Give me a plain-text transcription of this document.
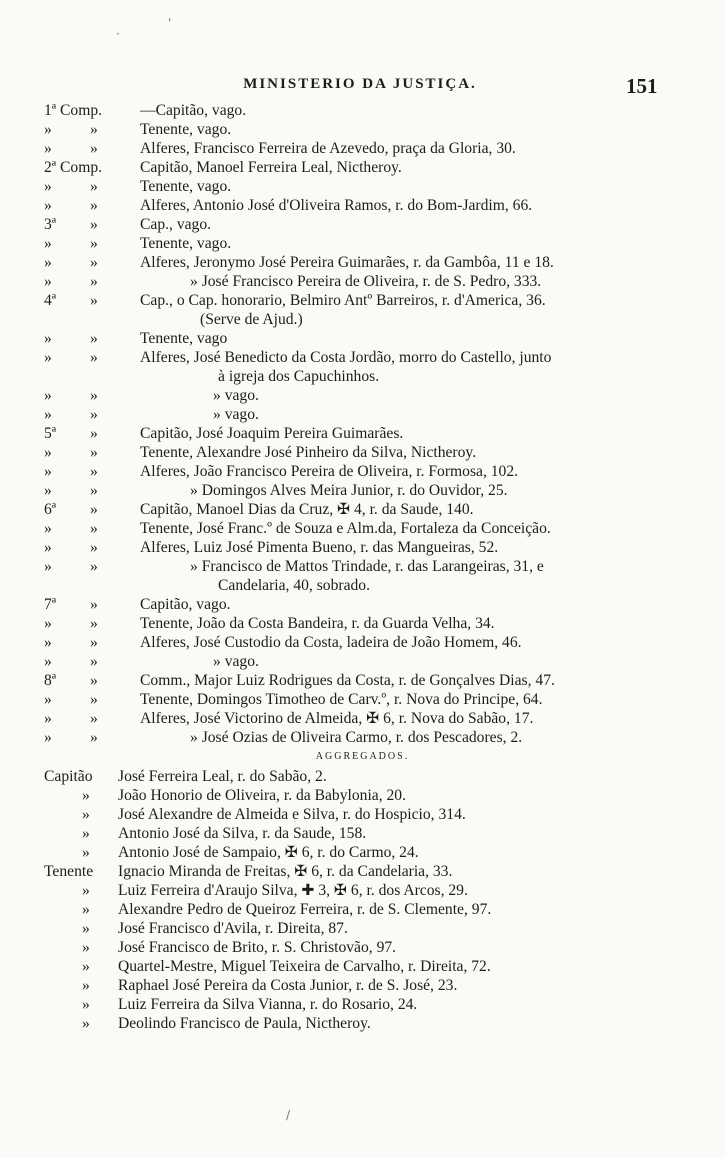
MINISTERIO DA JUSTIÇA.	151
1ª Comp. —Capitão, vago.
» »	Tenente, vago.
» »	Alferes, Francisco Ferreira de Azevedo, praça da Gloria, 30.
2ª Comp. Capitão, Manoel Ferreira Leal, Nictheroy.
» »	Tenente, vago.
» »	Alferes, Antonio José d'Oliveira Ramos, r. do Bom-Jardim, 66.
3ª »	Cap., vago.
» »	Tenente, vago.
» »	Alferes, Jeronymo José Pereira Guimarães, r. da Gambôa, 11 e 18.
» »	» José Francisco Pereira de Oliveira, r. de S. Pedro, 333.
4ª »	Cap., o Cap. honorario, Belmiro Antº Barreiros, r. d'America, 36.
(Serve de Ajud.)
» »	Tenente, vago
» »	Alferes, José Benedicto da Costa Jordão, morro do Castello, junto
à igreja dos Capuchinhos.
» »	» vago.
» »	» vago.
5ª »	Capitão, José Joaquim Pereira Guimarães.
» »	Tenente, Alexandre José Pinheiro da Silva, Nictheroy.
» »	Alferes, João Francisco Pereira de Oliveira, r. Formosa, 102.
» »	» Domingos Alves Meira Junior, r. do Ouvidor, 25.
6ª »	Capitão, Manoel Dias da Cruz, ✠ 4, r. da Saude, 140.
» »	Tenente, José Franc.º de Souza e Alm.da, Fortaleza da Conceição.
» »	Alferes, Luiz José Pimenta Bueno, r. das Mangueiras, 52.
» »	» Francisco de Mattos Trindade, r. das Larangeiras, 31, e
Candelaria, 40, sobrado.
7ª »	Capitão, vago.
» »	Tenente, João da Costa Bandeira, r. da Guarda Velha, 34.
» »	Alferes, José Custodio da Costa, ladeira de João Homem, 46.
» »	» vago.
8ª »	Comm., Major Luiz Rodrigues da Costa, r. de Gonçalves Dias, 47.
» »	Tenente, Domingos Timotheo de Carv.º, r. Nova do Principe, 64.
» »	Alferes, José Victorino de Almeida, ✠ 6, r. Nova do Sabão, 17.
» »	» José Ozias de Oliveira Carmo, r. dos Pescadores, 2.
AGGREGADOS.
Capitão José Ferreira Leal, r. do Sabão, 2.
» João Honorio de Oliveira, r. da Babylonia, 20.
» José Alexandre de Almeida e Silva, r. do Hospicio, 314.
» Antonio José da Silva, r. da Saude, 158.
» Antonio José de Sampaio, ✠ 6, r. do Carmo, 24.
Tenente Ignacio Miranda de Freitas, ✠ 6, r. da Candelaria, 33.
» Luiz Ferreira d'Araujo Silva, ✚ 3, ✠ 6, r. dos Arcos, 29.
» Alexandre Pedro de Queiroz Ferreira, r. de S. Clemente, 97.
» José Francisco d'Avila, r. Direita, 87.
» José Francisco de Brito, r. S. Christovão, 97.
» Quartel-Mestre, Miguel Teixeira de Carvalho, r. Direita, 72.
» Raphael José Pereira da Costa Junior, r. de S. José, 23.
» Luiz Ferreira da Silva Vianna, r. do Rosario, 24.
» Deolindo Francisco de Paula, Nictheroy.
·
'
/
